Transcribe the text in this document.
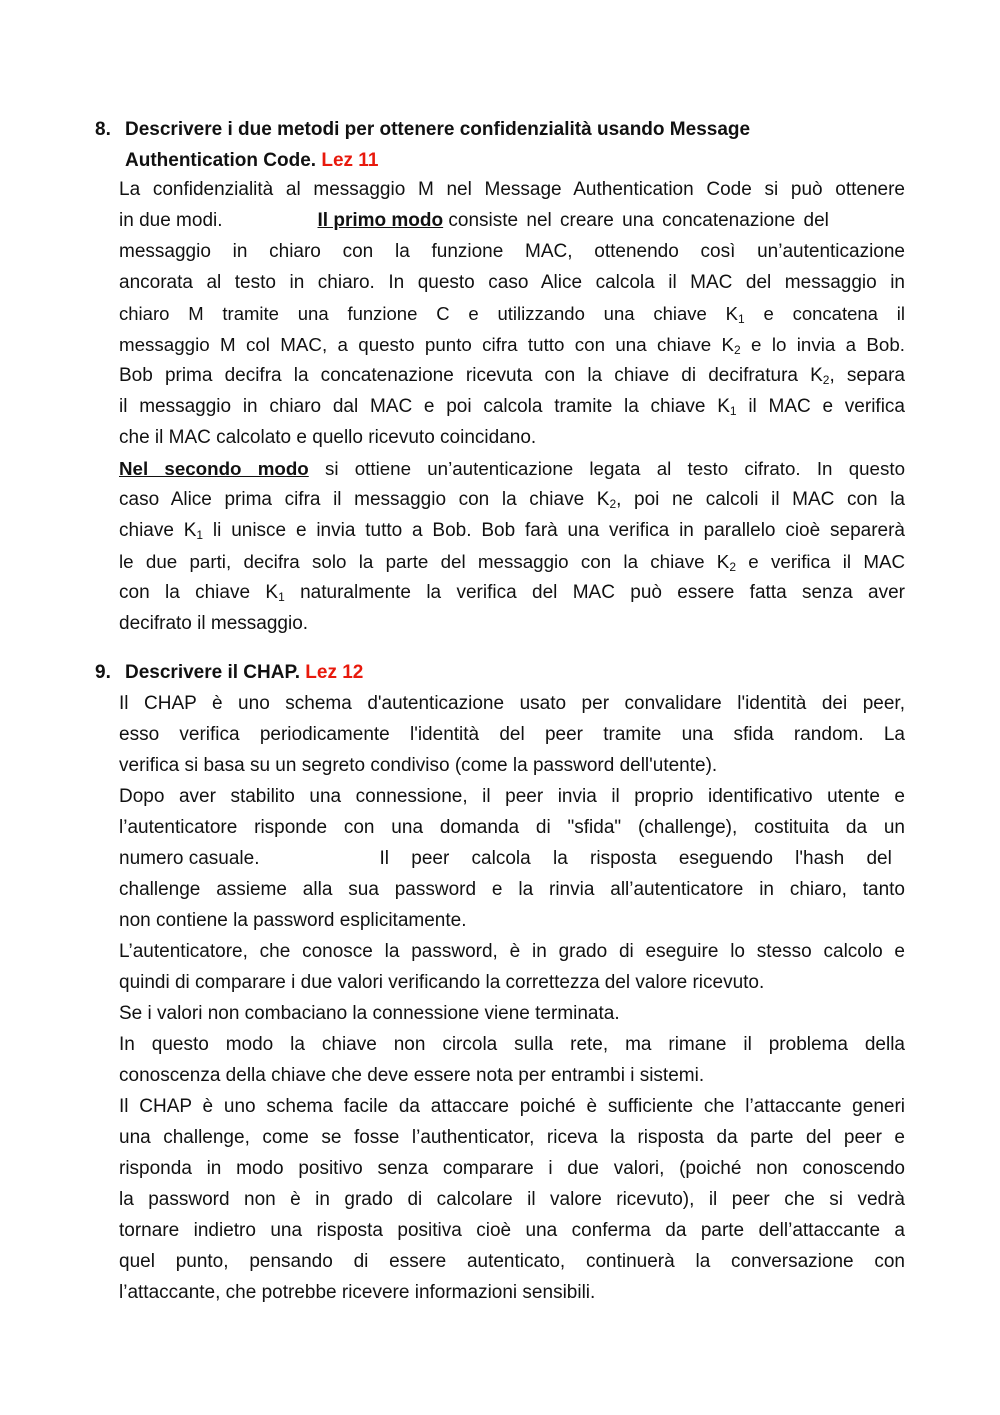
8. Descrivere i due metodi per ottenere confidenzialità usando Message
Authentication Code. Lez 11
La confidenzialità al messaggio M nel Message Authentication Code si può ottenere
in due modi.	Il primo modo consiste nel creare una concatenazione del
messaggio in chiaro con la funzione MAC, ottenendo così un’autenticazione
ancorata al testo in chiaro. In questo caso Alice calcola il MAC del messaggio in
chiaro M tramite una funzione C e utilizzando una chiave $K_1$ e concatena il
messaggio M col MAC, a questo punto cifra tutto con una chiave $K_2$ e lo invia a Bob.
Bob prima decifra la concatenazione ricevuta con la chiave di decifratura $K_2$, separa
il messaggio in chiaro dal MAC e poi calcola tramite la chiave $K_1$ il MAC e verifica
che il MAC calcolato e quello ricevuto coincidano.
Nel secondo modo si ottiene un’autenticazione legata al testo cifrato. In questo
caso Alice prima cifra il messaggio con la chiave $K_2$, poi ne calcoli il MAC con la
chiave $K_1$ li unisce e invia tutto a Bob. Bob farà una verifica in parallelo cioè separerà
le due parti, decifra solo la parte del messaggio con la chiave $K_2$ e verifica il MAC
con la chiave $K_1$ naturalmente la verifica del MAC può essere fatta senza aver
decifrato il messaggio.
9. Descrivere il CHAP. Lez 12
Il CHAP è uno schema d'autenticazione usato per convalidare l'identità dei peer,
esso verifica periodicamente l'identità del peer tramite una sfida random. La
verifica si basa su un segreto condiviso (come la password dell'utente).
Dopo aver stabilito una connessione, il peer invia il proprio identificativo utente e
l’autenticatore risponde con una domanda di "sfida" (challenge), costituita da un
numero casuale.	Il peer calcola la risposta eseguendo l'hash del
challenge assieme alla sua password e la rinvia all’autenticatore in chiaro, tanto
non contiene la password esplicitamente.
L’autenticatore, che conosce la password, è in grado di eseguire lo stesso calcolo e
quindi di comparare i due valori verificando la correttezza del valore ricevuto.
Se i valori non combaciano la connessione viene terminata.
In questo modo la chiave non circola sulla rete, ma rimane il problema della
conoscenza della chiave che deve essere nota per entrambi i sistemi.
Il CHAP è uno schema facile da attaccare poiché è sufficiente che l’attaccante generi
una challenge, come se fosse l’authenticator, riceva la risposta da parte del peer e
risponda in modo positivo senza comparare i due valori, (poiché non conoscendo
la password non è in grado di calcolare il valore ricevuto), il peer che si vedrà
tornare indietro una risposta positiva cioè una conferma da parte dell’attaccante a
quel punto, pensando di essere autenticato, continuerà la conversazione con
l’attaccante, che potrebbe ricevere informazioni sensibili.
